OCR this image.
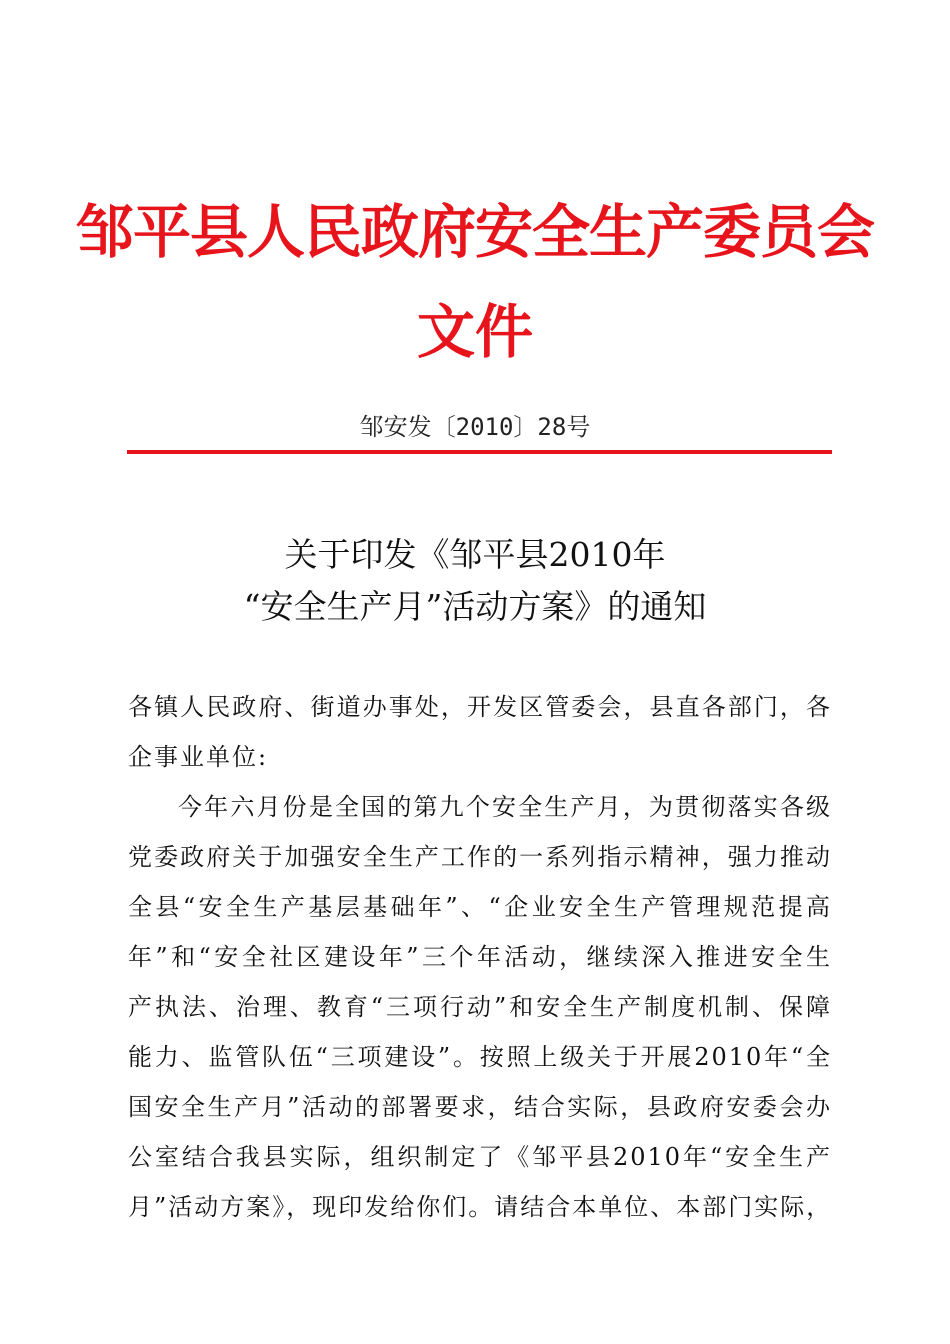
邹平县人民政府安全生产委员会
文件
邹安发〔2010〕28号
关于印发《邹平县2010年
“安全生产月”活动方案》的通知
各镇人民政府、街道办事处，开发区管委会，县直各部门，各
企事业单位:
今年六月份是全国的第九个安全生产月，为贯彻落实各级
党委政府关于加强安全生产工作的一系列指示精神，强力推动
全县“安全生产基层基础年”、“企业安全生产管理规范提高
年”和“安全社区建设年”三个年活动，继续深入推进安全生
产执法、治理、教育“三项行动”和安全生产制度机制、保障
能力、监管队伍“三项建设”。按照上级关于开展2010年“全
国安全生产月”活动的部署要求，结合实际，县政府安委会办
公室结合我县实际，组织制定了《邹平县2010年“安全生产
月”活动方案》，现印发给你们。请结合本单位、本部门实际，
